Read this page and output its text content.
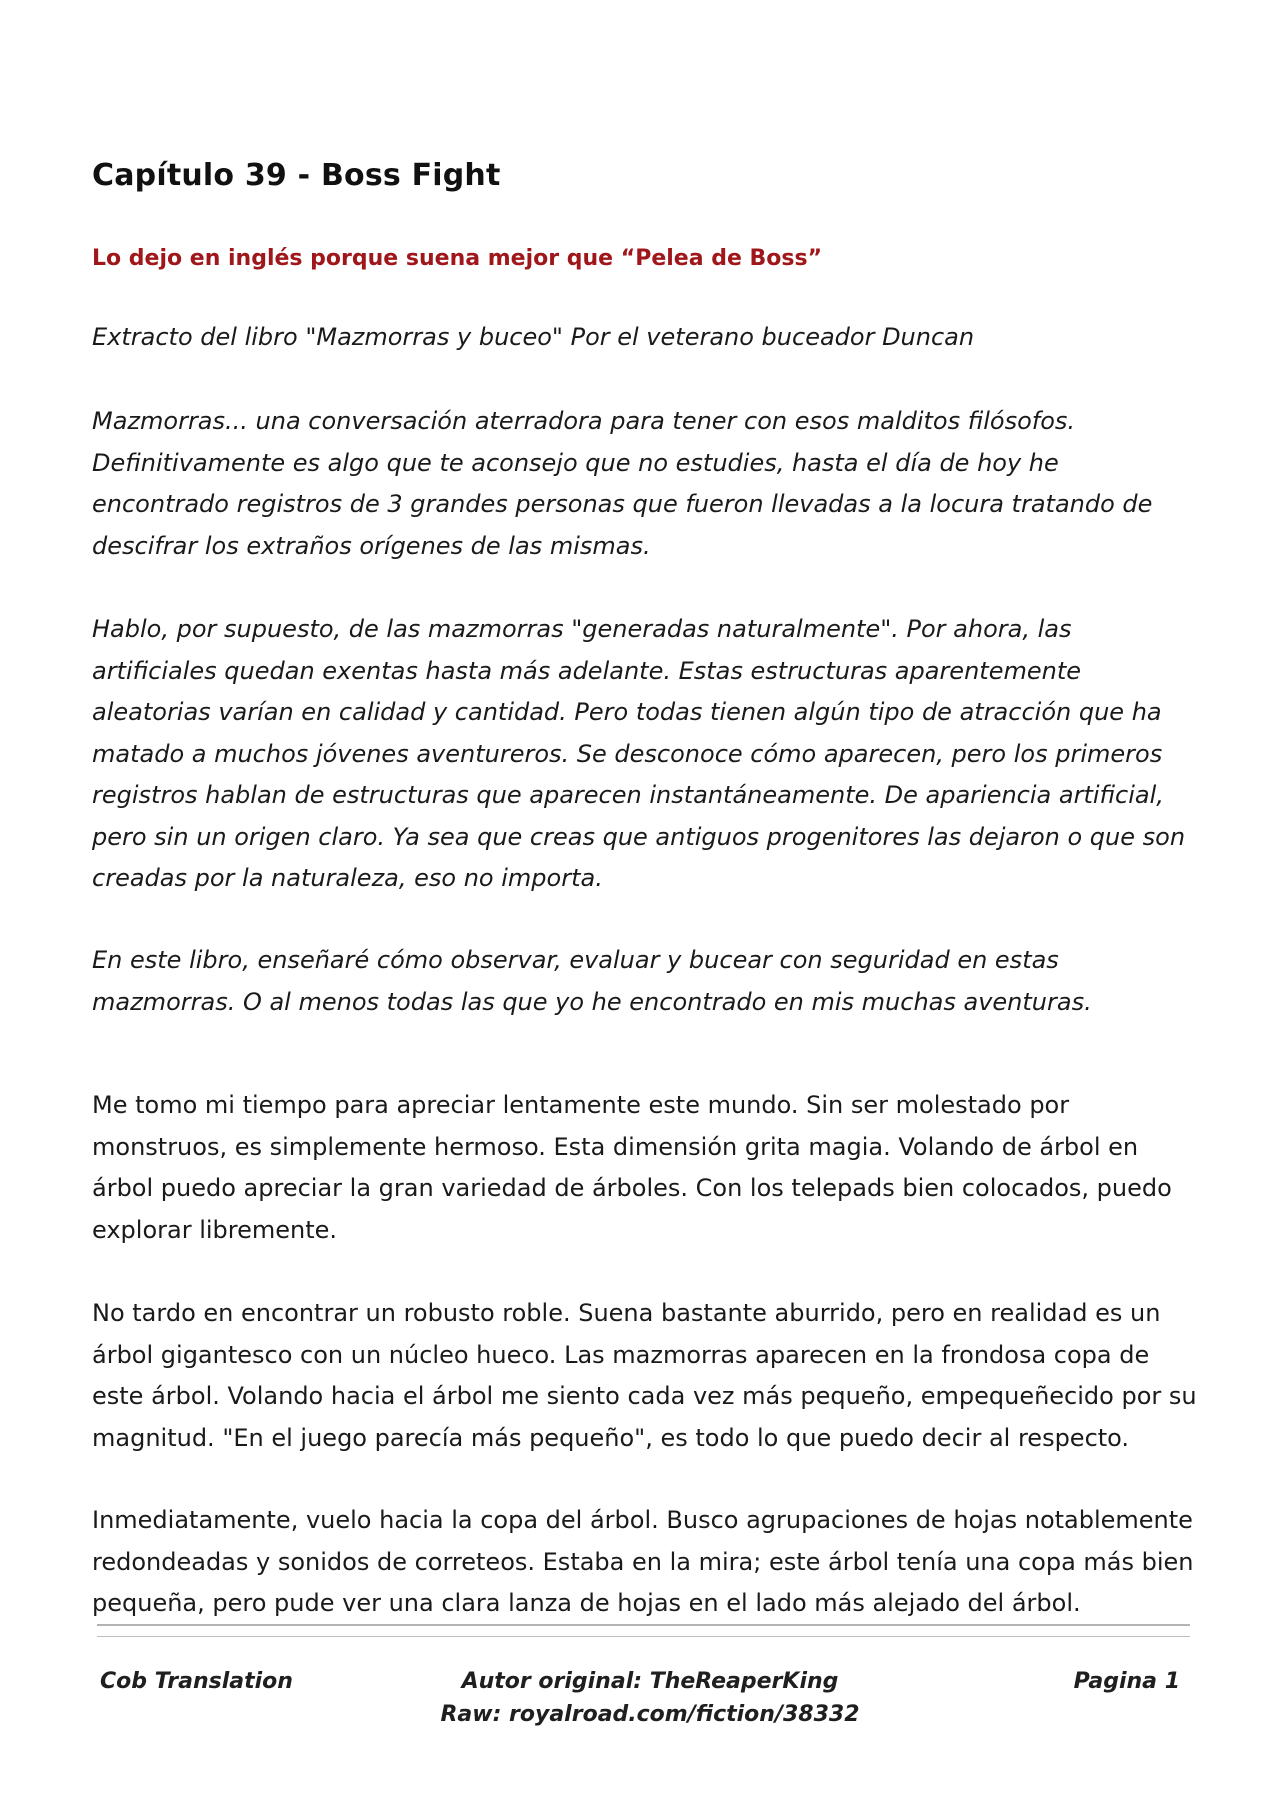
Capítulo 39 - Boss Fight
Lo dejo en inglés porque suena mejor que “Pelea de Boss”
Extracto del libro "Mazmorras y buceo" Por el veterano buceador Duncan

Mazmorras... una conversación aterradora para tener con esos malditos filósofos. Definitivamente es algo que te aconsejo que no estudies, hasta el día de hoy he encontrado registros de 3 grandes personas que fueron llevadas a la locura tratando de descifrar los extraños orígenes de las mismas.

Hablo, por supuesto, de las mazmorras "generadas naturalmente". Por ahora, las artificiales quedan exentas hasta más adelante. Estas estructuras aparentemente aleatorias varían en calidad y cantidad. Pero todas tienen algún tipo de atracción que ha matado a muchos jóvenes aventureros. Se desconoce cómo aparecen, pero los primeros registros hablan de estructuras que aparecen instantáneamente. De apariencia artificial, pero sin un origen claro. Ya sea que creas que antiguos progenitores las dejaron o que son creadas por la naturaleza, eso no importa.

En este libro, enseñaré cómo observar, evaluar y bucear con seguridad en estas mazmorras. O al menos todas las que yo he encontrado en mis muchas aventuras.

Me tomo mi tiempo para apreciar lentamente este mundo. Sin ser molestado por monstruos, es simplemente hermoso. Esta dimensión grita magia. Volando de árbol en árbol puedo apreciar la gran variedad de árboles. Con los telepads bien colocados, puedo explorar libremente.

No tardo en encontrar un robusto roble. Suena bastante aburrido, pero en realidad es un árbol gigantesco con un núcleo hueco. Las mazmorras aparecen en la frondosa copa de este árbol. Volando hacia el árbol me siento cada vez más pequeño, empequeñecido por su magnitud. "En el juego parecía más pequeño", es todo lo que puedo decir al respecto.

Inmediatamente, vuelo hacia la copa del árbol. Busco agrupaciones de hojas notablemente redondeadas y sonidos de correteos. Estaba en la mira; este árbol tenía una copa más bien pequeña, pero pude ver una clara lanza de hojas en el lado más alejado del árbol.

Cob Translation	Autor original: TheReaperKing	Pagina 1
Raw: royalroad.com/fiction/38332
